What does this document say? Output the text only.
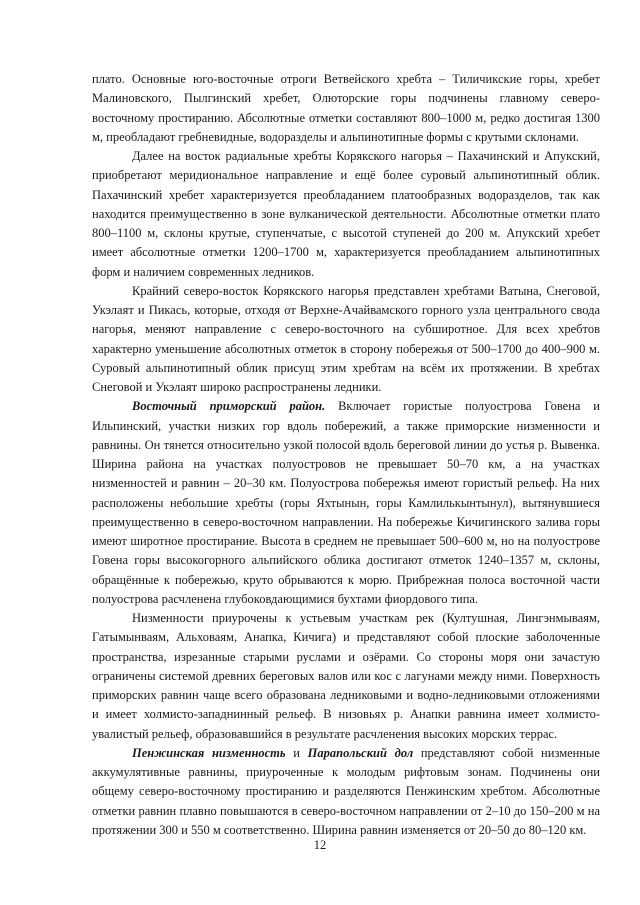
плато. Основные юго-восточные отроги Ветвейского хребта – Тиличикские горы, хребет Малиновского, Пылгинский хребет, Олюторские горы подчинены главному северо-восточному простиранию. Абсолютные отметки составляют 800–1000 м, редко достигая 1300 м, преобладают гребневидные, водоразделы и альпинотипные формы с крутыми склонами.

Далее на восток радиальные хребты Корякского нагорья – Пахачинский и Апукский, приобретают меридиональное направление и ещё более суровый альпинотипный облик. Пахачинский хребет характеризуется преобладанием платообразных водоразделов, так как находится преимущественно в зоне вулканической деятельности. Абсолютные отметки плато 800–1100 м, склоны крутые, ступенчатые, с высотой ступеней до 200 м. Апукский хребет имеет абсолютные отметки 1200–1700 м, характеризуется преобладанием альпинотипных форм и наличием современных ледников.

Крайний северо-восток Корякского нагорья представлен хребтами Ватына, Снеговой, Укэлаят и Пикась, которые, отходя от Верхне-Ачайвамского горного узла центрального свода нагорья, меняют направление с северо-восточного на субширотное. Для всех хребтов характерно уменьшение абсолютных отметок в сторону побережья от 500–1700 до 400–900 м. Суровый альпинотипный облик присущ этим хребтам на всём их протяжении. В хребтах Снеговой и Укэлаят широко распространены ледники.

Восточный приморский район. Включает гористые полуострова Говена и Ильпинский, участки низких гор вдоль побережий, а также приморские низменности и равнины. Он тянется относительно узкой полосой вдоль береговой линии до устья р. Вывенка. Ширина района на участках полуостровов не превышает 50–70 км, а на участках низменностей и равнин – 20–30 км. Полуострова побережья имеют гористый рельеф. На них расположены небольшие хребты (горы Яхтынын, горы Камлилькынтынул), вытянувшиеся преимущественно в северо-восточном направлении. На побережье Кичигинского залива горы имеют широтное простирание. Высота в среднем не превышает 500–600 м, но на полуострове Говена горы высокогорного альпийского облика достигают отметок 1240–1357 м, склоны, обращённые к побережью, круто обрываются к морю. Прибрежная полоса восточной части полуострова расчленена глубоковдающимися бухтами фиордового типа.

Низменности приурочены к устьевым участкам рек (Култушная, Лингэнмываям, Гатымынваям, Альховаям, Анапка, Кичига) и представляют собой плоские заболоченные пространства, изрезанные старыми руслами и озёрами. Со стороны моря они зачастую ограничены системой древних береговых валов или кос с лагунами между ними. Поверхность приморских равнин чаще всего образована ледниковыми и водно-ледниковыми отложениями и имеет холмисто-западнинный рельеф. В низовьях р. Анапки равнина имеет холмисто-увалистый рельеф, образовавшийся в результате расчленения высоких морских террас.

Пенжинская низменность и Парапольский дол представляют собой низменные аккумулятивные равнины, приуроченные к молодым рифтовым зонам. Подчинены они общему северо-восточному простиранию и разделяются Пенжинским хребтом. Абсолютные отметки равнин плавно повышаются в северо-восточном направлении от 2–10 до 150–200 м на протяжении 300 и 550 м соответственно. Ширина равнин изменяется от 20–50 до 80–120 км.

12
